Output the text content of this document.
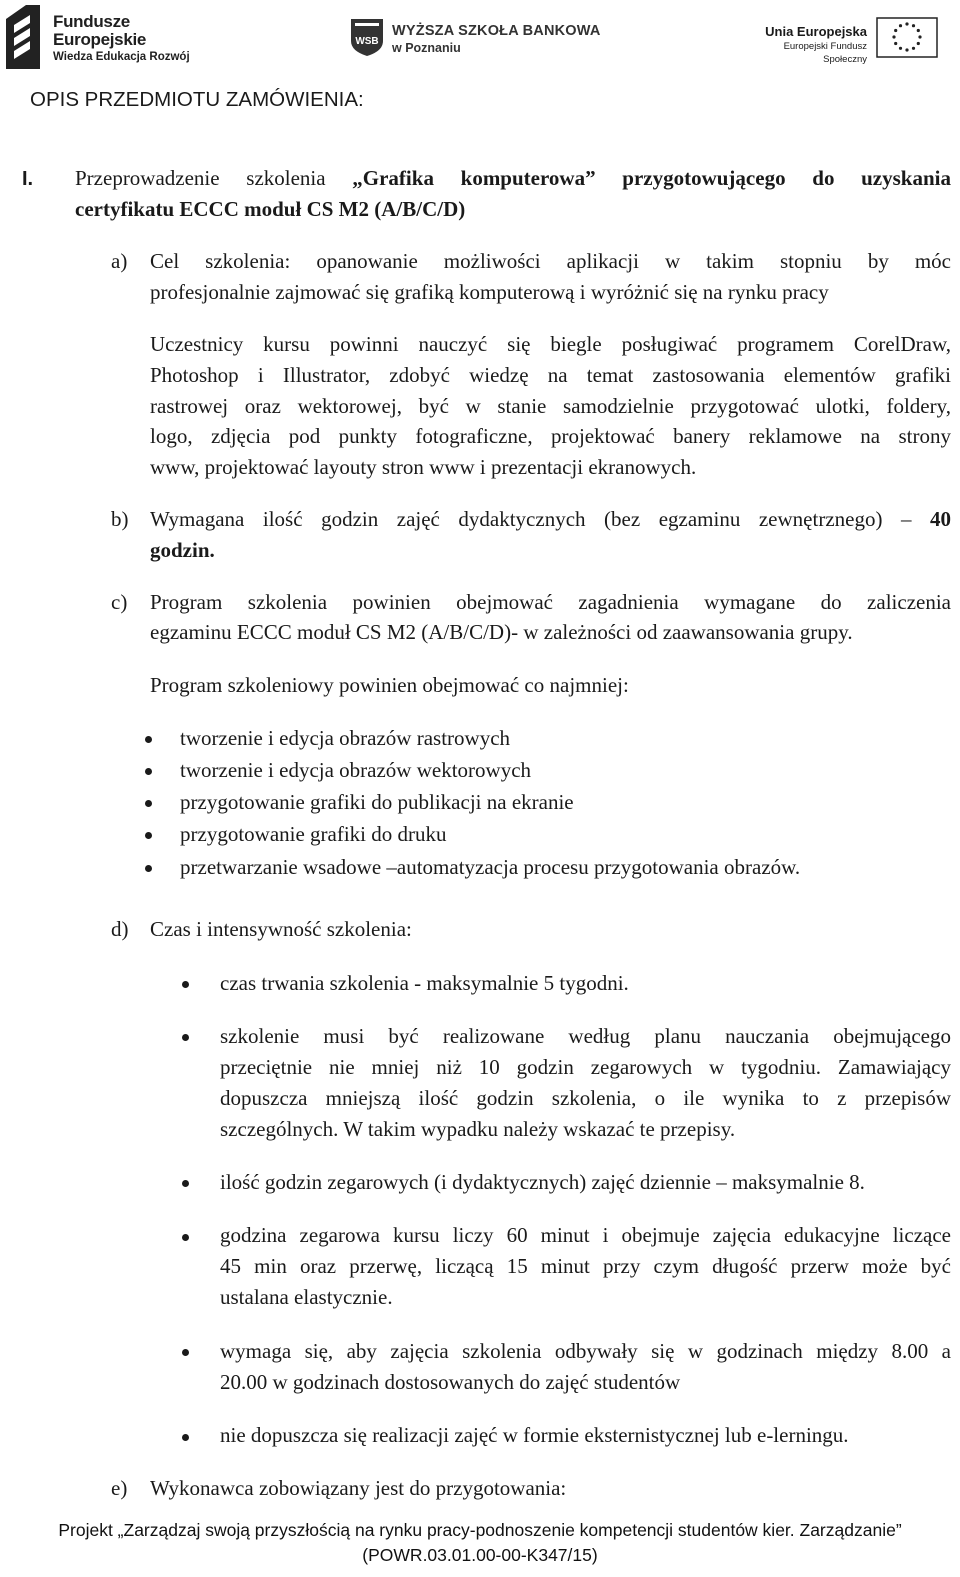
Fundusze
Europejskie
Wiedza Edukacja Rozwój
WSB
WYŻSZA SZKOŁA BANKOWA
w Poznaniu
Unia Europejska
Europejski Fundusz Społeczny
OPIS PRZEDMIOTU ZAMÓWIENIA:
I. Przeprowadzenie szkolenia „Grafika komputerowa” przygotowującego do uzyskania
certyfikatu ECCC moduł CS M2 (A/B/C/D)
a) Cel szkolenia: opanowanie możliwości aplikacji w takim stopniu by móc
profesjonalnie zajmować się grafiką komputerową i wyróżnić się na rynku pracy
Uczestnicy kursu powinni nauczyć się biegle posługiwać programem CorelDraw,
Photoshop i Illustrator, zdobyć wiedzę na temat zastosowania elementów grafiki
rastrowej oraz wektorowej, być w stanie samodzielnie przygotować ulotki, foldery,
logo, zdjęcia pod punkty fotograficzne, projektować banery reklamowe na strony
www, projektować layouty stron www i prezentacji ekranowych.
b) Wymagana ilość godzin zajęć dydaktycznych (bez egzaminu zewnętrznego) – 40
godzin.
c) Program szkolenia powinien obejmować zagadnienia wymagane do zaliczenia
egzaminu ECCC moduł CS M2 (A/B/C/D)- w zależności od zaawansowania grupy.
Program szkoleniowy powinien obejmować co najmniej:
tworzenie i edycja obrazów rastrowych
tworzenie i edycja obrazów wektorowych
przygotowanie grafiki do publikacji na ekranie
przygotowanie grafiki do druku
przetwarzanie wsadowe –automatyzacja procesu przygotowania obrazów.
d) Czas i intensywność szkolenia:
czas trwania szkolenia - maksymalnie 5 tygodni.
szkolenie musi być realizowane według planu nauczania obejmującego
przeciętnie nie mniej niż 10 godzin zegarowych w tygodniu. Zamawiający
dopuszcza mniejszą ilość godzin szkolenia, o ile wynika to z przepisów
szczególnych. W takim wypadku należy wskazać te przepisy.
ilość godzin zegarowych (i dydaktycznych) zajęć dziennie – maksymalnie 8.
godzina zegarowa kursu liczy 60 minut i obejmuje zajęcia edukacyjne liczące
45 min oraz przerwę, liczącą 15 minut przy czym długość przerw może być
ustalana elastycznie.
wymaga się, aby zajęcia szkolenia odbywały się w godzinach między 8.00 a
20.00 w godzinach dostosowanych do zajęć studentów
nie dopuszcza się realizacji zajęć w formie eksternistycznej lub e-lerningu.
e) Wykonawca zobowiązany jest do przygotowania:
Projekt „Zarządzaj swoją przyszłością na rynku pracy-podnoszenie kompetencji studentów kier. Zarządzanie”
(POWR.03.01.00-00-K347/15)
